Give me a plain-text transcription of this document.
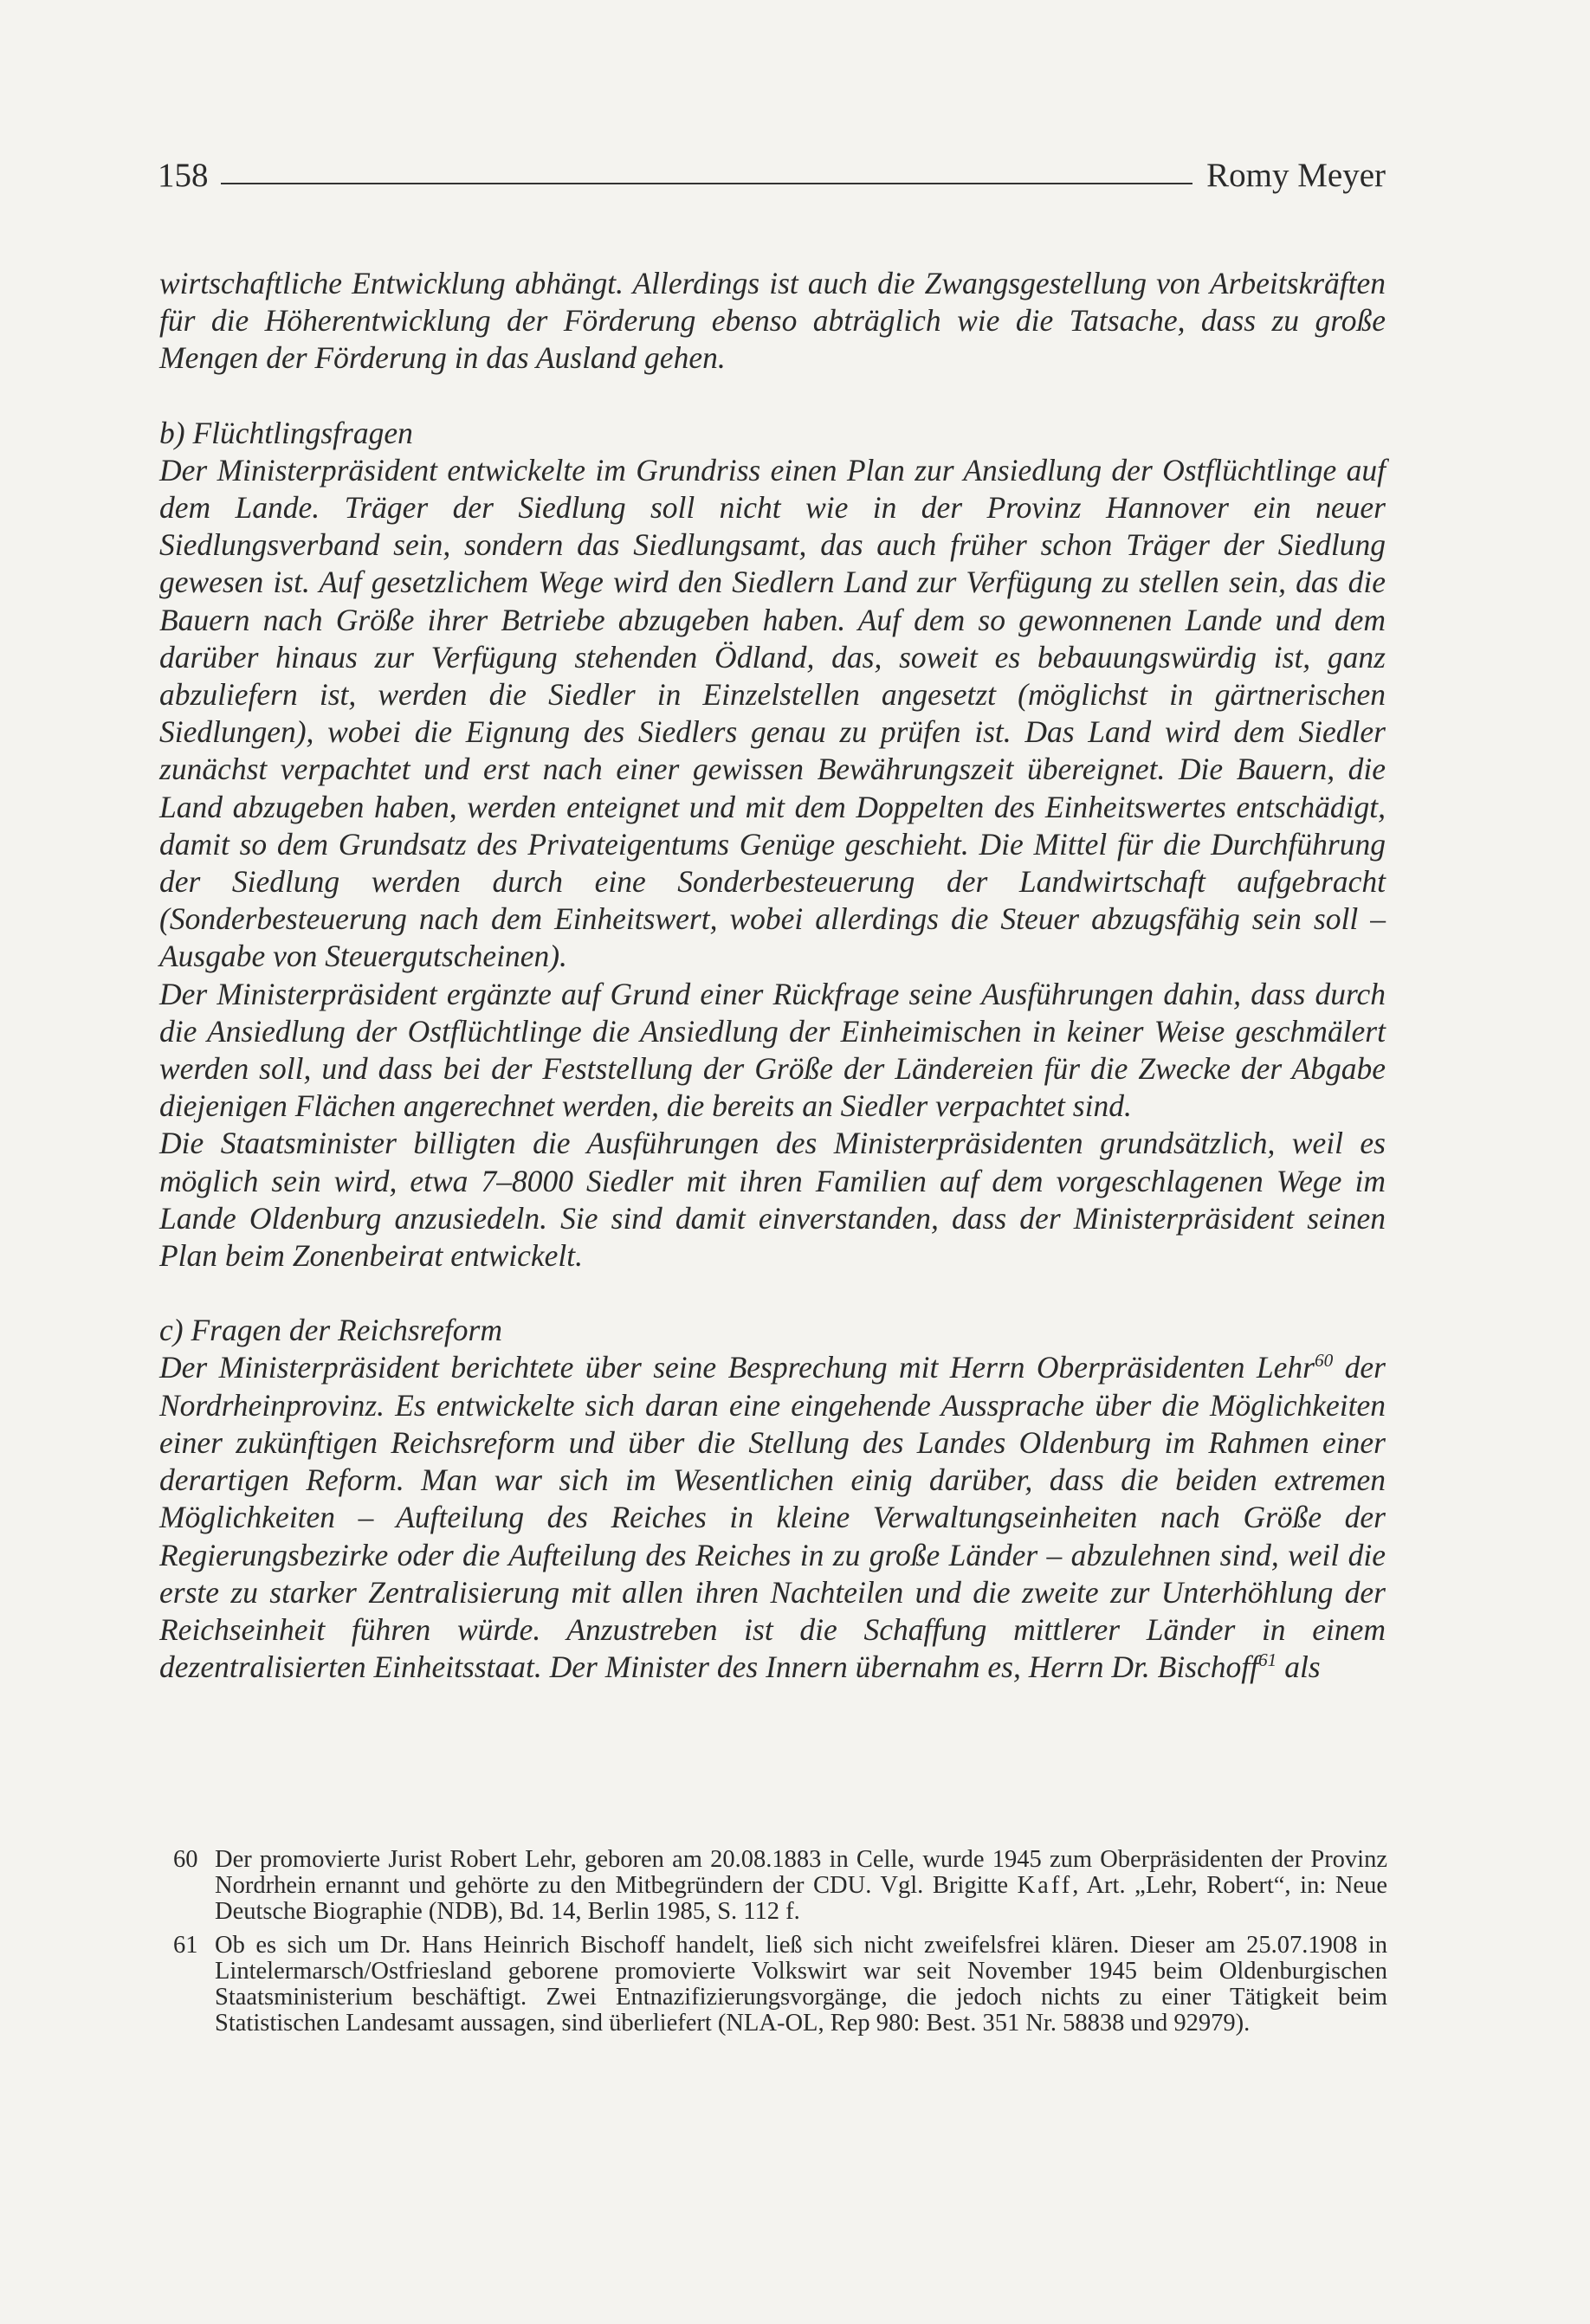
158	Romy Meyer

wirtschaftliche Entwicklung abhängt. Allerdings ist auch die Zwangsgestellung von Arbeitskräften für die Höherentwicklung der Förderung ebenso abträglich wie die Tatsache, dass zu große Mengen der Förderung in das Ausland gehen.

b) Flüchtlingsfragen

Der Ministerpräsident entwickelte im Grundriss einen Plan zur Ansiedlung der Ostflüchtlinge auf dem Lande. Träger der Siedlung soll nicht wie in der Provinz Hannover ein neuer Siedlungsverband sein, sondern das Siedlungsamt, das auch früher schon Träger der Siedlung gewesen ist. Auf gesetzlichem Wege wird den Siedlern Land zur Verfügung zu stellen sein, das die Bauern nach Größe ihrer Betriebe abzugeben haben. Auf dem so gewonnenen Lande und dem darüber hinaus zur Verfügung stehenden Ödland, das, soweit es bebauungswürdig ist, ganz abzuliefern ist, werden die Siedler in Einzelstellen angesetzt (möglichst in gärtnerischen Siedlungen), wobei die Eignung des Siedlers genau zu prüfen ist. Das Land wird dem Siedler zunächst verpachtet und erst nach einer gewissen Bewährungszeit übereignet. Die Bauern, die Land abzugeben haben, werden enteignet und mit dem Doppelten des Einheitswertes entschädigt, damit so dem Grundsatz des Privateigentums Genüge geschieht. Die Mittel für die Durchführung der Siedlung werden durch eine Sonderbesteuerung der Landwirtschaft aufgebracht (Sonderbesteuerung nach dem Einheitswert, wobei allerdings die Steuer abzugsfähig sein soll – Ausgabe von Steuergutscheinen).

Der Ministerpräsident ergänzte auf Grund einer Rückfrage seine Ausführungen dahin, dass durch die Ansiedlung der Ostflüchtlinge die Ansiedlung der Einheimischen in keiner Weise geschmälert werden soll, und dass bei der Feststellung der Größe der Ländereien für die Zwecke der Abgabe diejenigen Flächen angerechnet werden, die bereits an Siedler verpachtet sind.

Die Staatsminister billigten die Ausführungen des Ministerpräsidenten grundsätzlich, weil es möglich sein wird, etwa 7–8000 Siedler mit ihren Familien auf dem vorgeschlagenen Wege im Lande Oldenburg anzusiedeln. Sie sind damit einverstanden, dass der Ministerpräsident seinen Plan beim Zonenbeirat entwickelt.

c) Fragen der Reichsreform

Der Ministerpräsident berichtete über seine Besprechung mit Herrn Oberpräsidenten Lehr$^{60}$ der Nordrheinprovinz. Es entwickelte sich daran eine eingehende Aussprache über die Möglichkeiten einer zukünftigen Reichsreform und über die Stellung des Landes Oldenburg im Rahmen einer derartigen Reform. Man war sich im Wesentlichen einig darüber, dass die beiden extremen Möglichkeiten – Aufteilung des Reiches in kleine Verwaltungseinheiten nach Größe der Regierungsbezirke oder die Aufteilung des Reiches in zu große Länder – abzulehnen sind, weil die erste zu starker Zentralisierung mit allen ihren Nachteilen und die zweite zur Unterhöhlung der Reichseinheit führen würde. Anzustreben ist die Schaffung mittlerer Länder in einem dezentralisierten Einheitsstaat. Der Minister des Innern übernahm es, Herrn Dr. Bischoff$^{61}$ als

60 Der promovierte Jurist Robert Lehr, geboren am 20.08.1883 in Celle, wurde 1945 zum Oberpräsidenten der Provinz Nordrhein ernannt und gehörte zu den Mitbegründern der CDU. Vgl. Brigitte Kaff, Art. „Lehr, Robert“, in: Neue Deutsche Biographie (NDB), Bd. 14, Berlin 1985, S. 112 f.
61 Ob es sich um Dr. Hans Heinrich Bischoff handelt, ließ sich nicht zweifelsfrei klären. Dieser am 25.07.1908 in Lintelermarsch/Ostfriesland geborene promovierte Volkswirt war seit November 1945 beim Oldenburgischen Staatsministerium beschäftigt. Zwei Entnazifizierungsvorgänge, die jedoch nichts zu einer Tätigkeit beim Statistischen Landesamt aussagen, sind überliefert (NLA-OL, Rep 980: Best. 351 Nr. 58838 und 92979).
